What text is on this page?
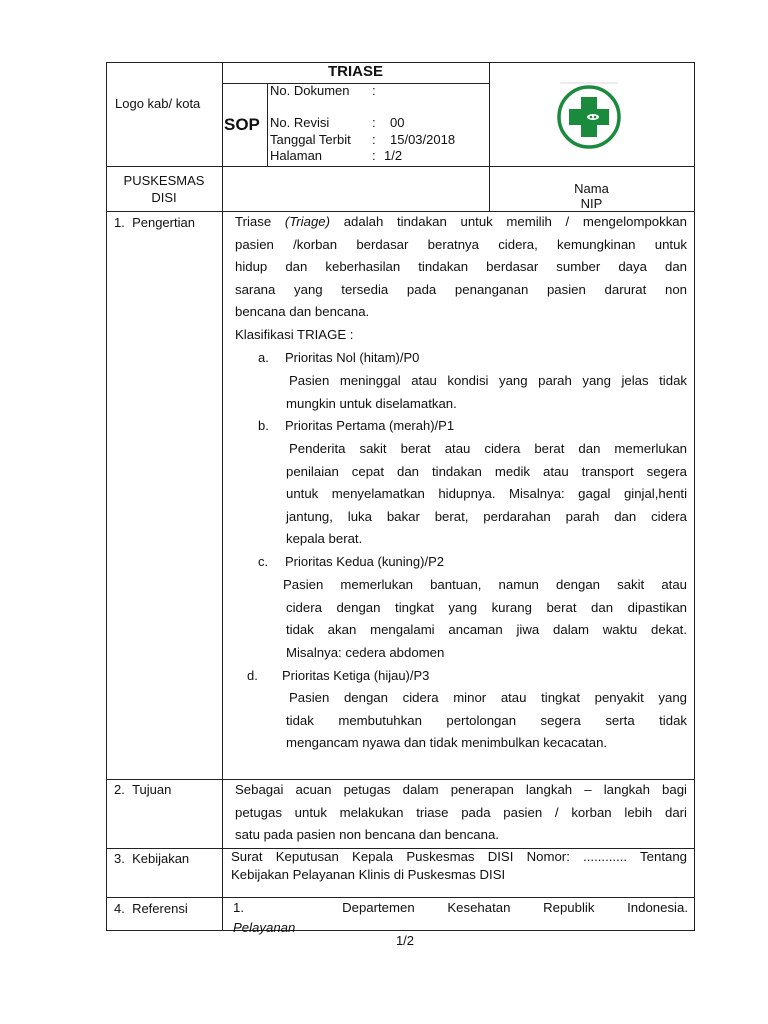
Logo kab/ kota
TRIASE
SOP
No. Dokumen :
No. Revisi	: 00
Tanggal Terbit : 15/03/2018
Halaman	: 1/2
PUSKESMAS
DISI
Nama
NIP
1.  Pengertian	Triase (Triage) adalah tindakan untuk memilih / mengelompokkan

pasien /korban berdasar beratnya cidera, kemungkinan untuk

hidup dan keberhasilan tindakan berdasar sumber daya dan

sarana yang tersedia pada penanganan pasien darurat non

bencana dan bencana.

Klasifikasi TRIAGE :

a. Prioritas Nol (hitam)/P0

Pasien meninggal atau kondisi yang parah yang jelas tidak

mungkin untuk diselamatkan.

b. Prioritas Pertama (merah)/P1

Penderita sakit berat atau cidera berat dan memerlukan

penilaian cepat dan tindakan medik atau transport segera

untuk menyelamatkan hidupnya. Misalnya: gagal ginjal,henti

jantung, luka bakar berat, perdarahan parah dan cidera

kepala berat.

c. Prioritas Kedua (kuning)/P2

Pasien memerlukan bantuan, namun dengan sakit atau

cidera dengan tingkat yang kurang berat dan dipastikan

tidak akan mengalami ancaman jiwa dalam waktu dekat.

Misalnya: cedera abdomen

d. Prioritas Ketiga (hijau)/P3

Pasien dengan cidera minor atau tingkat penyakit yang

tidak membutuhkan pertolongan segera serta tidak

mengancam nyawa dan tidak menimbulkan kecacatan.

2.  Tujuan	Sebagai acuan petugas dalam penerapan langkah – langkah bagi

petugas untuk melakukan triase pada pasien / korban lebih dari

satu pada pasien non bencana dan bencana.

3.  Kebijakan	Surat Keputusan Kepala Puskesmas DISI Nomor: ............ Tentang

Kebijakan Pelayanan Klinis di Puskesmas DISI

4.  Referensi	1.   Departemen Kesehatan Republik Indonesia. Pelayanan

1/2
